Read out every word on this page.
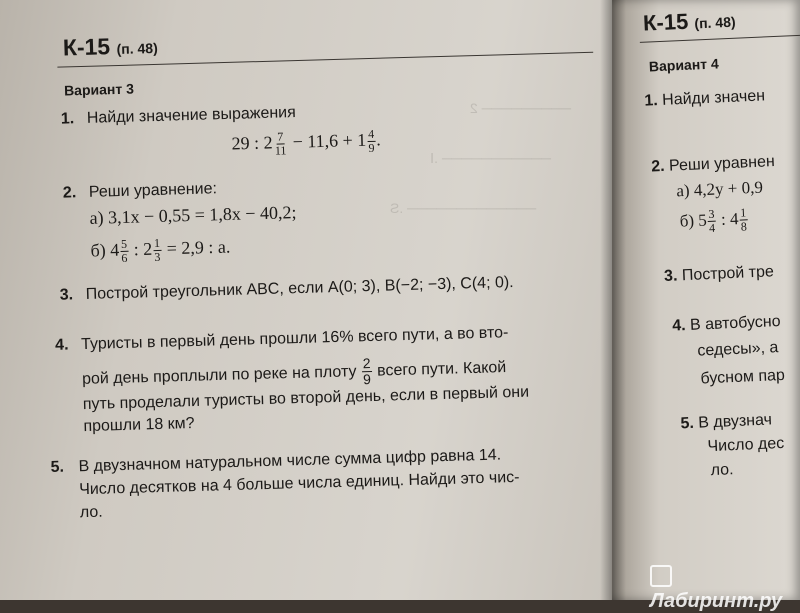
───────── 2
─────────── .Ⅰ
───────────── .S
К-15 (п. 48)
Вариант 3
1. Найди значение выражения
29 : $2 \frac{7}{11} - 11,6 + 1 \frac{4}{9}$ .
2. Реши уравнение:
а) 3,1x − 0,55 = 1,8x − 40,2;
б) $4 \frac{5}{6}$ : $2 \frac{1}{3} = 2,9$ : a.
3. Построй треугольник ABC, если A(0; 3), B(−2; −3), C(4; 0).
4. Туристы в первый день прошли 16% всего пути, а во вто-
рой день проплыли по реке на плоту $\frac{2}{9}$ всего пути. Какой
путь проделали туристы во второй день, если в первый они
прошли 18 км?
5. В двузначном натуральном числе сумма цифр равна 14.
Число десятков на 4 больше числа единиц. Найди это чис-
ло.
К-15 (п. 48)
Вариант 4
1. Найди значен
2. Реши уравнен
а) 4,2y + 0,9
б) $5 \frac{3}{4}$ : $4 \frac{1}{8}$
3. Построй тре
4. В автобусно
седесы», а
бусном пар
5. В двузнач
Число дес
ло.
Лабиринт.ру
